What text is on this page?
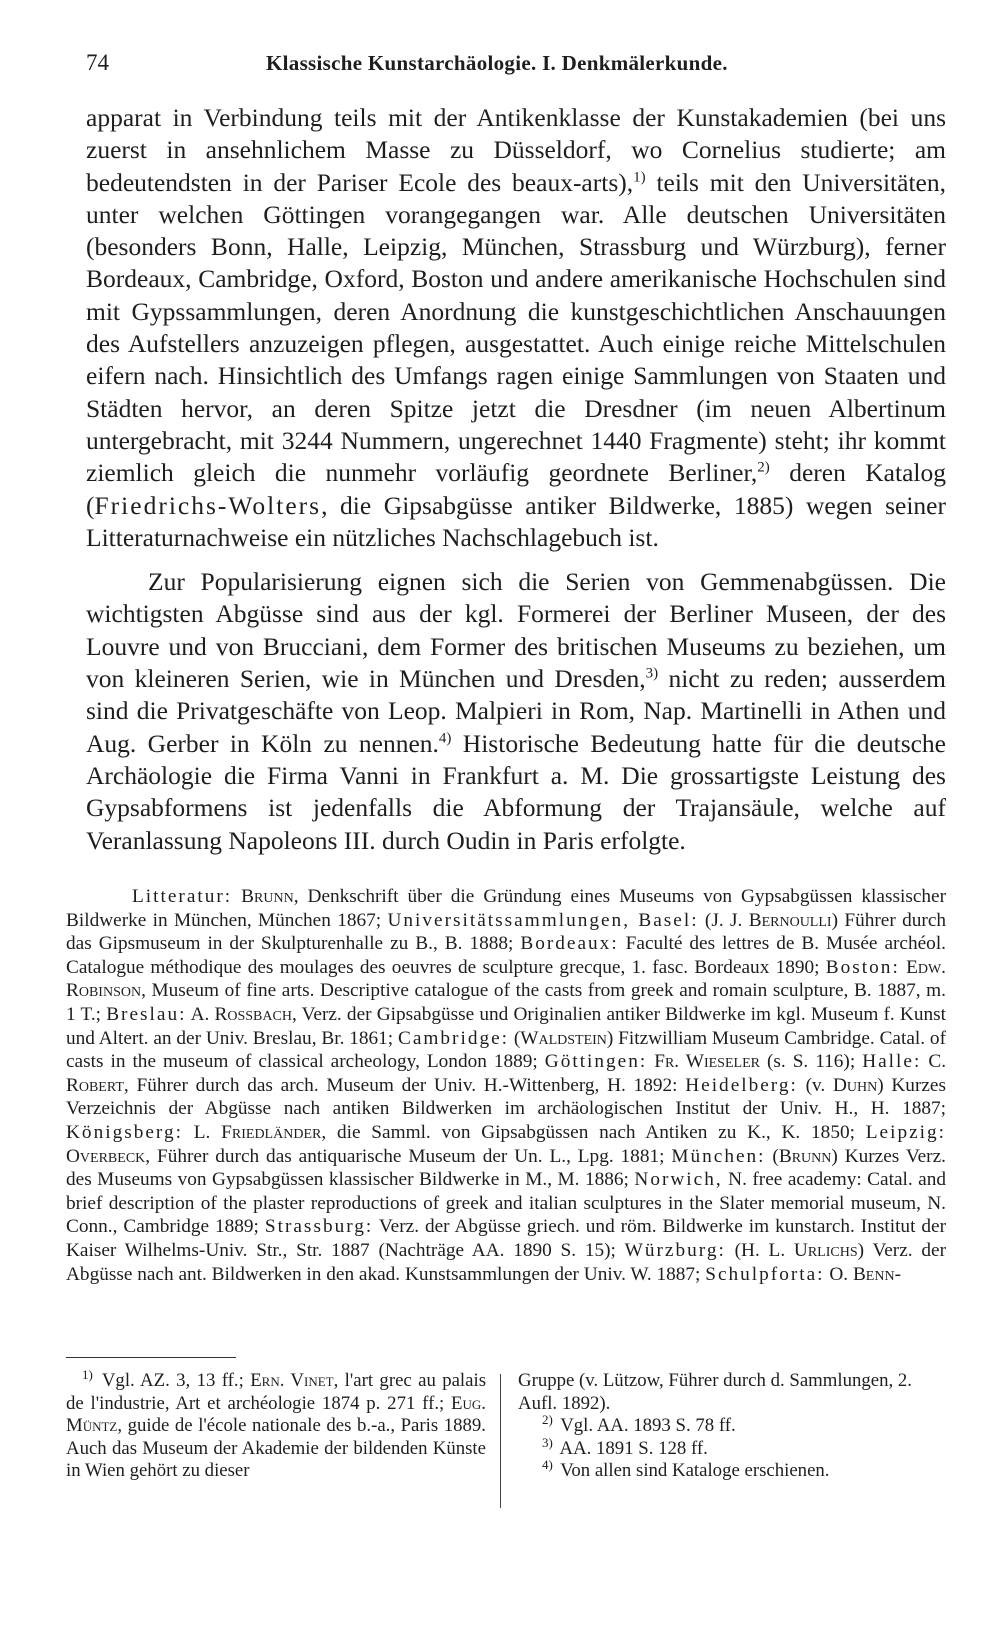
74	Klassische Kunstarchäologie. I. Denkmälerkunde.

apparat in Verbindung teils mit der Antikenklasse der Kunstakademien (bei uns zuerst in ansehnlichem Masse zu Düsseldorf, wo Cornelius studierte; am bedeutendsten in der Pariser Ecole des beaux-arts),$^{1)}$ teils mit den Universitäten, unter welchen Göttingen vorangegangen war. Alle deutschen Universitäten (besonders Bonn, Halle, Leipzig, München, Strassburg und Würzburg), ferner Bordeaux, Cambridge, Oxford, Boston und andere amerikanische Hochschulen sind mit Gypssammlungen, deren Anordnung die kunstgeschichtlichen Anschauungen des Aufstellers anzuzeigen pflegen, ausgestattet. Auch einige reiche Mittelschulen eifern nach. Hinsichtlich des Umfangs ragen einige Sammlungen von Staaten und Städten hervor, an deren Spitze jetzt die Dresdner (im neuen Albertinum untergebracht, mit 3244 Nummern, ungerechnet 1440 Fragmente) steht; ihr kommt ziemlich gleich die nunmehr vorläufig geordnete Berliner,$^{2)}$ deren Katalog (Friedrichs-Wolters, die Gipsabgüsse antiker Bildwerke, 1885) wegen seiner Litteraturnachweise ein nützliches Nachschlagebuch ist.

Zur Popularisierung eignen sich die Serien von Gemmenabgüssen. Die wichtigsten Abgüsse sind aus der kgl. Formerei der Berliner Museen, der des Louvre und von Brucciani, dem Former des britischen Museums zu beziehen, um von kleineren Serien, wie in München und Dresden,$^{3)}$ nicht zu reden; ausserdem sind die Privatgeschäfte von Leop. Malpieri in Rom, Nap. Martinelli in Athen und Aug. Gerber in Köln zu nennen.$^{4)}$ Historische Bedeutung hatte für die deutsche Archäologie die Firma Vanni in Frankfurt a. M. Die grossartigste Leistung des Gypsabformens ist jedenfalls die Abformung der Trajansäule, welche auf Veranlassung Napoleons III. durch Oudin in Paris erfolgte.

Litteratur: Brunn, Denkschrift über die Gründung eines Museums von Gypsabgüssen klassischer Bildwerke in München, München 1867; Universitätssammlungen, Basel: (J. J. Bernoulli) Führer durch das Gipsmuseum in der Skulpturenhalle zu B., B. 1888; Bordeaux: Faculté des lettres de B. Musée archéol. Catalogue méthodique des moulages des oeuvres de sculpture grecque, 1. fasc. Bordeaux 1890; Boston: Edw. Robinson, Museum of fine arts. Descriptive catalogue of the casts from greek and romain sculpture, B. 1887, m. 1 T.; Breslau: A. Rossbach, Verz. der Gipsabgüsse und Originalien antiker Bildwerke im kgl. Museum f. Kunst und Altert. an der Univ. Breslau, Br. 1861; Cambridge: (Waldstein) Fitzwilliam Museum Cambridge. Catal. of casts in the museum of classical archeology, London 1889; Göttingen: Fr. Wieseler (s. S. 116); Halle: C. Robert, Führer durch das arch. Museum der Univ. H.-Wittenberg, H. 1892: Heidelberg: (v. Duhn) Kurzes Verzeichnis der Abgüsse nach antiken Bildwerken im archäologischen Institut der Univ. H., H. 1887; Königsberg: L. Friedländer, die Samml. von Gipsabgüssen nach Antiken zu K., K. 1850; Leipzig: Overbeck, Führer durch das antiquarische Museum der Un. L., Lpg. 1881; München: (Brunn) Kurzes Verz. des Museums von Gypsabgüssen klassischer Bildwerke in M., M. 1886; Norwich, N. free academy: Catal. and brief description of the plaster reproductions of greek and italian sculptures in the Slater memorial museum, N. Conn., Cambridge 1889; Strassburg: Verz. der Abgüsse griech. und röm. Bildwerke im kunstarch. Institut der Kaiser Wilhelms-Univ. Str., Str. 1887 (Nachträge AA. 1890 S. 15); Würzburg: (H. L. Urlichs) Verz. der Abgüsse nach ant. Bildwerken in den akad. Kunstsammlungen der Univ. W. 1887; Schulpforta: O. Benn-

$^{1)}$ Vgl. AZ. 3, 13 ff.; Ern. Vinet, l'art grec au palais de l'industrie, Art et archéologie 1874 p. 271 ff.; Eug. Müntz, guide de l'école nationale des b.-a., Paris 1889. Auch das Museum der Akademie der bildenden Künste in Wien gehört zu dieser

Gruppe (v. Lützow, Führer durch d. Sammlungen, 2. Aufl. 1892).

$^{2)}$ Vgl. AA. 1893 S. 78 ff.

$^{3)}$ AA. 1891 S. 128 ff.

$^{4)}$ Von allen sind Kataloge erschienen.
